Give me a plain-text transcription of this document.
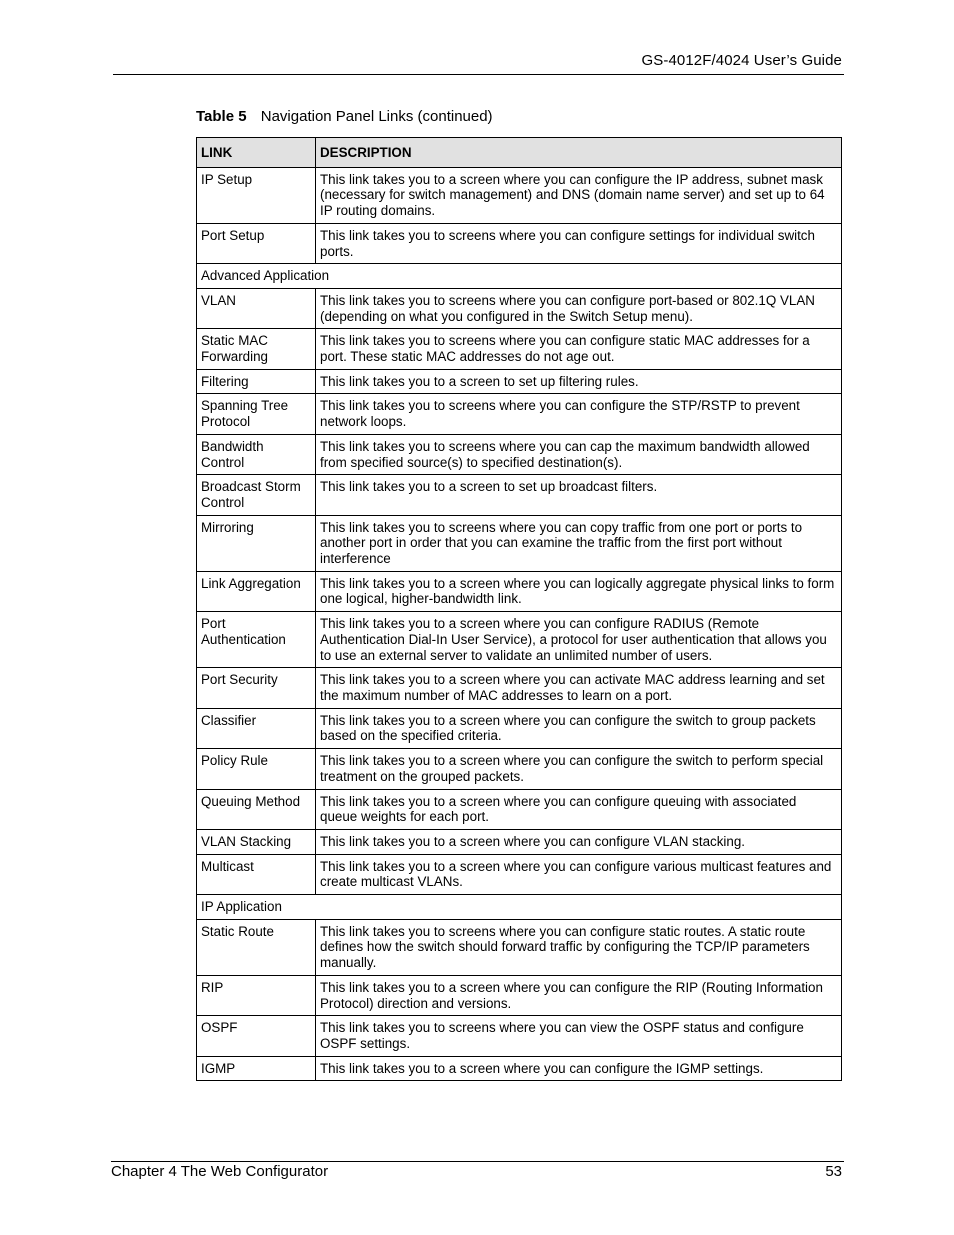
GS-4012F/4024 User’s Guide
Table 5 Navigation Panel Links (continued)
LINK	DESCRIPTION
IP Setup	This link takes you to a screen where you can configure the IP address, subnet mask (necessary for switch management) and DNS (domain name server) and set up to 64 IP routing domains.
Port Setup	This link takes you to screens where you can configure settings for individual switch ports.
Advanced Application	
VLAN	This link takes you to screens where you can configure port-based or 802.1Q VLAN (depending on what you configured in the Switch Setup menu).
Static MAC Forwarding	This link takes you to screens where you can configure static MAC addresses for a port. These static MAC addresses do not age out.
Filtering	This link takes you to a screen to set up filtering rules.
Spanning Tree Protocol	This link takes you to screens where you can configure the STP/RSTP to prevent network loops.
Bandwidth Control	This link takes you to screens where you can cap the maximum bandwidth allowed from specified source(s) to specified destination(s).
Broadcast Storm Control	This link takes you to a screen to set up broadcast filters.
Mirroring	This link takes you to screens where you can copy traffic from one port or ports to another port in order that you can examine the traffic from the first port without interference
Link Aggregation	This link takes you to a screen where you can logically aggregate physical links to form one logical, higher-bandwidth link.
Port Authentication	This link takes you to a screen where you can configure RADIUS (Remote Authentication Dial-In User Service), a protocol for user authentication that allows you to use an external server to validate an unlimited number of users.
Port Security	This link takes you to a screen where you can activate MAC address learning and set the maximum number of MAC addresses to learn on a port.
Classifier	This link takes you to a screen where you can configure the switch to group packets based on the specified criteria.
Policy Rule	This link takes you to a screen where you can configure the switch to perform special treatment on the grouped packets.
Queuing Method	This link takes you to a screen where you can configure queuing with associated queue weights for each port.
VLAN Stacking	This link takes you to a screen where you can configure VLAN stacking.
Multicast	This link takes you to a screen where you can configure various multicast features and create multicast VLANs.
IP Application	
Static Route	This link takes you to screens where you can configure static routes. A static route defines how the switch should forward traffic by configuring the TCP/IP parameters manually.
RIP	This link takes you to a screen where you can configure the RIP (Routing Information Protocol) direction and versions.
OSPF	This link takes you to screens where you can view the OSPF status and configure OSPF settings.
IGMP	This link takes you to a screen where you can configure the IGMP settings.
Chapter 4 The Web Configurator	53
